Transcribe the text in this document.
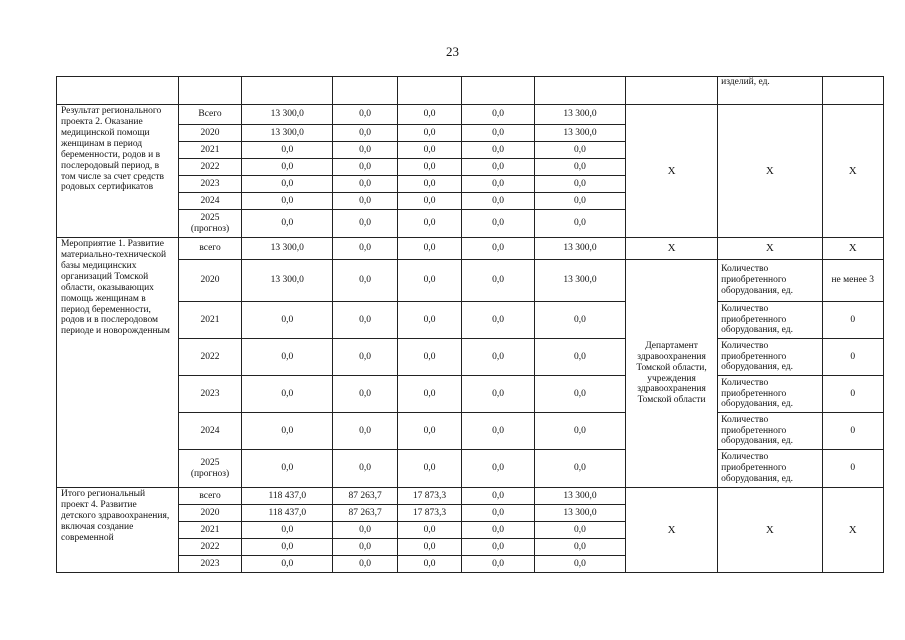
23
								изделий, ед.	
Результат регионального проекта 2. Оказание медицинской помощи женщинам в период беременности, родов и в послеродовый период, в том числе за счет средств родовых сертификатов	Всего	13 300,0	0,0	0,0	0,0	13 300,0	Х	Х	Х
	2020	13 300,0	0,0	0,0	0,0	13 300,0			
	2021	0,0	0,0	0,0	0,0	0,0			
	2022	0,0	0,0	0,0	0,0	0,0			
	2023	0,0	0,0	0,0	0,0	0,0			
	2024	0,0	0,0	0,0	0,0	0,0			
	2025 (прогноз)	0,0	0,0	0,0	0,0	0,0			
Мероприятие 1. Развитие материально-технической базы медицинских организаций Томской области, оказывающих помощь женщинам в период беременности, родов и в послеродовом периоде и новорожденным	всего	13 300,0	0,0	0,0	0,0	13 300,0	Х	Х	Х
	2020	13 300,0	0,0	0,0	0,0	13 300,0	Департамент здравоохранения Томской области, учреждения здравоохранения Томской области	Количество приобретенного оборудования, ед.	не менее 3
	2021	0,0	0,0	0,0	0,0	0,0		Количество приобретенного оборудования, ед.	0
	2022	0,0	0,0	0,0	0,0	0,0		Количество приобретенного оборудования, ед.	0
	2023	0,0	0,0	0,0	0,0	0,0		Количество приобретенного оборудования, ед.	0
	2024	0,0	0,0	0,0	0,0	0,0		Количество приобретенного оборудования, ед.	0
	2025 (прогноз)	0,0	0,0	0,0	0,0	0,0		Количество приобретенного оборудования, ед.	0
Итого региональный проект 4. Развитие детского здравоохранения, включая создание современной	всего	118 437,0	87 263,7	17 873,3	0,0	13 300,0	Х	Х	Х
	2020	118 437,0	87 263,7	17 873,3	0,0	13 300,0			
	2021	0,0	0,0	0,0	0,0	0,0			
	2022	0,0	0,0	0,0	0,0	0,0			
	2023	0,0	0,0	0,0	0,0	0,0			
